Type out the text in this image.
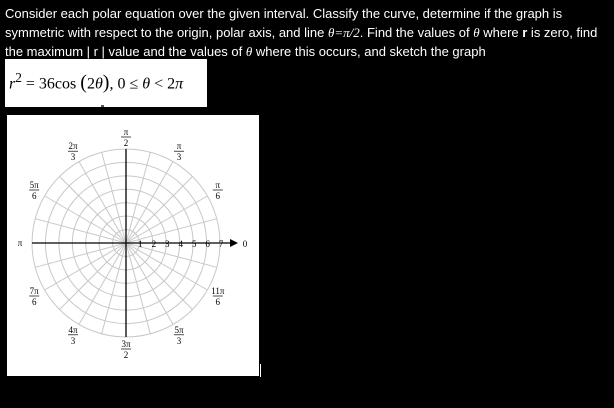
Consider each polar equation over the given interval. Classify the curve, determine if the graph is symmetric with respect to the origin, polar axis, and line θ=π/2. Find the values of θ where r is zero, find the maximum | r | value and the values of θ where this occurs, and sketch the graph
$r^2 = 36\cos$ (2θ), 0 ≤ θ < 2π
1 2 3 4 5 6 7 0
π
2	π
3
2π
3
π
6
5π
6
π
7π
6
11π
6
4π
3
5π
3
3π
2
